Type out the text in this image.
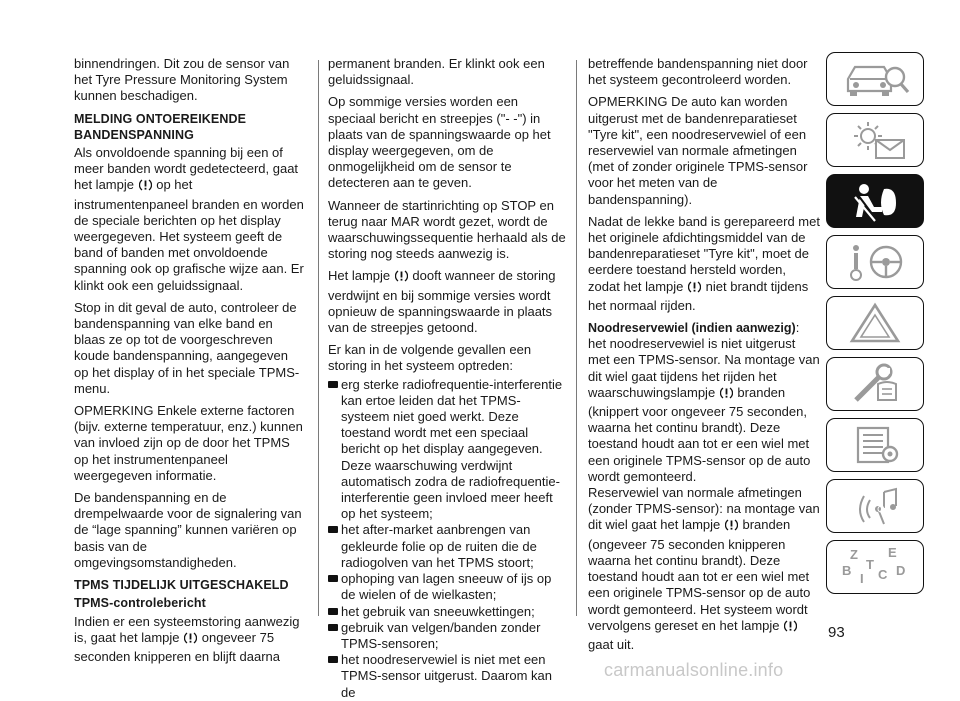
binnendringen. Dit zou de sensor van het Tyre Pressure Monitoring System kunnen beschadigen.

MELDING ONTOEREIKENDE BANDENSPANNING

Als onvoldoende spanning bij een of meer banden wordt gedetecteerd, gaat het lampje op het instrumentenpaneel branden en worden de speciale berichten op het display weergegeven. Het systeem geeft de band of banden met onvoldoende spanning ook op grafische wijze aan. Er klinkt ook een geluidssignaal.

Stop in dit geval de auto, controleer de bandenspanning van elke band en blaas ze op tot de voorgeschreven koude bandenspanning, aangegeven op het display of in het speciale TPMS-menu.

OPMERKING Enkele externe factoren (bijv. externe temperatuur, enz.) kunnen van invloed zijn op de door het TPMS op het instrumentenpaneel weergegeven informatie.

De bandenspanning en de drempelwaarde voor de signalering van de “lage spanning” kunnen variëren op basis van de omgevingsomstandigheden.

TPMS TIJDELIJK UITGESCHAKELD
TPMS-controlebericht

Indien er een systeemstoring aanwezig is, gaat het lampje ongeveer 75 seconden knipperen en blijft daarna

permanent branden. Er klinkt ook een geluidssignaal.

Op sommige versies worden een speciaal bericht en streepjes ("- -") in plaats van de spanningswaarde op het display weergegeven, om de onmogelijkheid om de sensor te detecteren aan te geven.

Wanneer de startinrichting op STOP en terug naar MAR wordt gezet, wordt de waarschuwingssequentie herhaald als de storing nog steeds aanwezig is.

Het lampje dooft wanneer de storing verdwijnt en bij sommige versies wordt opnieuw de spanningswaarde in plaats van de streepjes getoond.

Er kan in de volgende gevallen een storing in het systeem optreden:

erg sterke radiofrequentie-interferentie kan ertoe leiden dat het TPMS-systeem niet goed werkt. Deze toestand wordt met een speciaal bericht op het display aangegeven. Deze waarschuwing verdwijnt automatisch zodra de radiofrequentie-interferentie geen invloed meer heeft op het systeem;
het after-market aanbrengen van gekleurde folie op de ruiten die de radiogolven van het TPMS stoort;
ophoping van lagen sneeuw of ijs op de wielen of de wielkasten;
het gebruik van sneeuwkettingen;
gebruik van velgen/banden zonder TPMS-sensoren;
het noodreservewiel is niet met een TPMS-sensor uitgerust. Daarom kan de

betreffende bandenspanning niet door het systeem gecontroleerd worden.

OPMERKING De auto kan worden uitgerust met de bandenreparatieset "Tyre kit", een noodreservewiel of een reservewiel van normale afmetingen (met of zonder originele TPMS-sensor voor het meten van de bandenspanning).

Nadat de lekke band is gerepareerd met het originele afdichtingsmiddel van de bandenreparatieset "Tyre kit", moet de eerdere toestand hersteld worden, zodat het lampje niet brandt tijdens het normaal rijden.

Noodreservewiel (indien aanwezig):
het noodreservewiel is niet uitgerust met een TPMS-sensor. Na montage van dit wiel gaat tijdens het rijden het waarschuwingslampje branden (knippert voor ongeveer 75 seconden, waarna het continu brandt). Deze toestand houdt aan tot er een wiel met een originele TPMS-sensor op de auto wordt gemonteerd.

Reservewiel van normale afmetingen (zonder TPMS-sensor): na montage van dit wiel gaat het lampje branden (ongeveer 75 seconden knipperen waarna het continu brandt). Deze toestand houdt aan tot er een wiel met een originele TPMS-sensor op de auto wordt gemonteerd. Het systeem wordt vervolgens gereset en het lampje  gaat uit.

Z E
B C D
I
T
93
carmanualsonline.info
